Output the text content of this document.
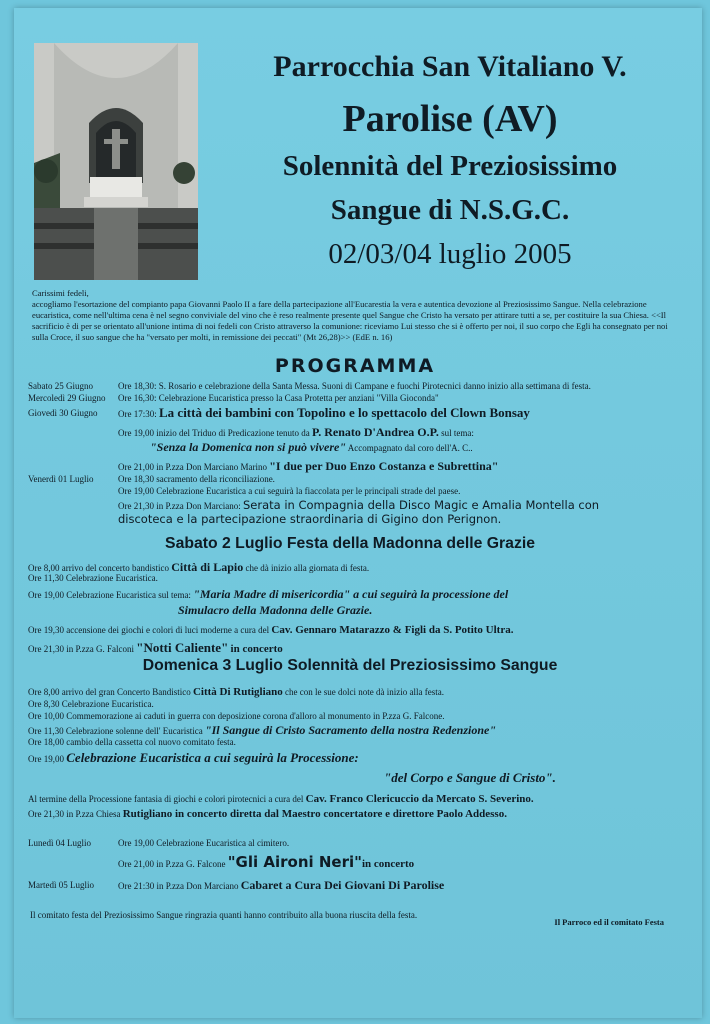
Parrocchia San Vitaliano V.
Parolise (AV)
Solennità del Preziosissimo
Sangue di N.S.G.C.
02/03/04 luglio 2005

Carissimi fedeli,

accogliamo l'esortazione del compianto papa Giovanni Paolo II a fare della partecipazione all'Eucarestia la vera e autentica devozione al Preziosissimo Sangue. Nella celebrazione eucaristica, come nell'ultima cena è nel segno conviviale del vino che è reso realmente presente quel Sangue che Cristo ha versato per attirare tutti a se, per costituire la sua Chiesa. <<Il sacrificio è di per se orientato all'unione intima di noi fedeli con Cristo attraverso la comunione: riceviamo Lui stesso che si è offerto per noi, il suo corpo che Egli ha consegnato per noi sulla Croce, il suo sangue che ha "versato per molti, in remissione dei peccati" (Mt 26,28)>> (EdE n. 16)

PROGRAMMA
Sabato 25 Giugno	Ore 18,30: S. Rosario e celebrazione della Santa Messa. Suoni di Campane e fuochi Pirotecnici danno inizio alla settimana di festa.
Mercoledì 29 Giugno Ore 16,30: Celebrazione Eucaristica presso la Casa Protetta per anziani "Villa Gioconda"
Giovedì 30 Giugno Ore 17:30: La città dei bambini con Topolino e lo spettacolo del Clown Bonsay
Ore 19,00 inizio del Triduo di Predicazione tenuto da P. Renato D'Andrea O.P. sul tema:
"Senza la Domenica non si può vivere" Accompagnato dal coro dell'A. C..
Ore 21,00 in P.zza Don Marciano Marino "I due per Duo Enzo Costanza e Subrettina"
Venerdì 01 Luglio	Ore 18,30 sacramento della riconciliazione.
Ore 19,00 Celebrazione Eucaristica a cui seguirà la fiaccolata per le principali strade del paese.
Ore 21,30 in P.zza Don Marciano: Serata in Compagnia della Disco Magic e Amalia Montella con
discoteca e la partecipazione straordinaria di Gigino don Perignon.
Sabato 2 Luglio Festa della Madonna delle Grazie
Ore 8,00 arrivo del concerto bandistico Città di Lapio che dà inizio alla giornata di festa.
Ore 11,30 Celebrazione Eucaristica.
Ore 19,00 Celebrazione Eucaristica sul tema: "Maria Madre di misericordia" a cui seguirà la processione del
Simulacro della Madonna delle Grazie.
Ore 19,30 accensione dei giochi e colori di luci moderne a cura del Cav. Gennaro Matarazzo & Figli da S. Potito Ultra.
Ore 21,30 in P.zza G. Falconi "Notti Caliente" in concerto
Domenica 3 Luglio Solennità del Preziosissimo Sangue
Ore 8,00 arrivo del gran Concerto Bandistico Città Di Rutigliano che con le sue dolci note dà inizio alla festa.
Ore 8,30 Celebrazione Eucaristica.
Ore 10,00 Commemorazione ai caduti in guerra con deposizione corona d'alloro al monumento in P.zza G. Falcone.
Ore 11,30 Celebrazione solenne dell' Eucaristica "Il Sangue di Cristo Sacramento della nostra Redenzione"
Ore 18,00 cambio della cassetta col nuovo comitato festa.
Ore 19,00 Celebrazione Eucaristica a cui seguirà la Processione:
"del Corpo e Sangue di Cristo".
Al termine della Processione fantasia di giochi e colori pirotecnici a cura del Cav. Franco Clericuccio da Mercato S. Severino.
Ore 21,30 in P.zza Chiesa Rutigliano in concerto diretta dal Maestro concertatore e direttore Paolo Addesso.
Lunedì 04 Luglio	Ore 19,00 Celebrazione Eucaristica al cimitero.
Ore 21,00 in P.zza G. Falcone "Gli Aironi Neri"in concerto
Martedì 05 Luglio	Ore 21:30 in P.zza Don Marciano Cabaret a Cura Dei Giovani Di Parolise
Il comitato festa del Preziosissimo Sangue ringrazia quanti hanno contribuito alla buona riuscita della festa.
Il Parroco ed il comitato Festa
